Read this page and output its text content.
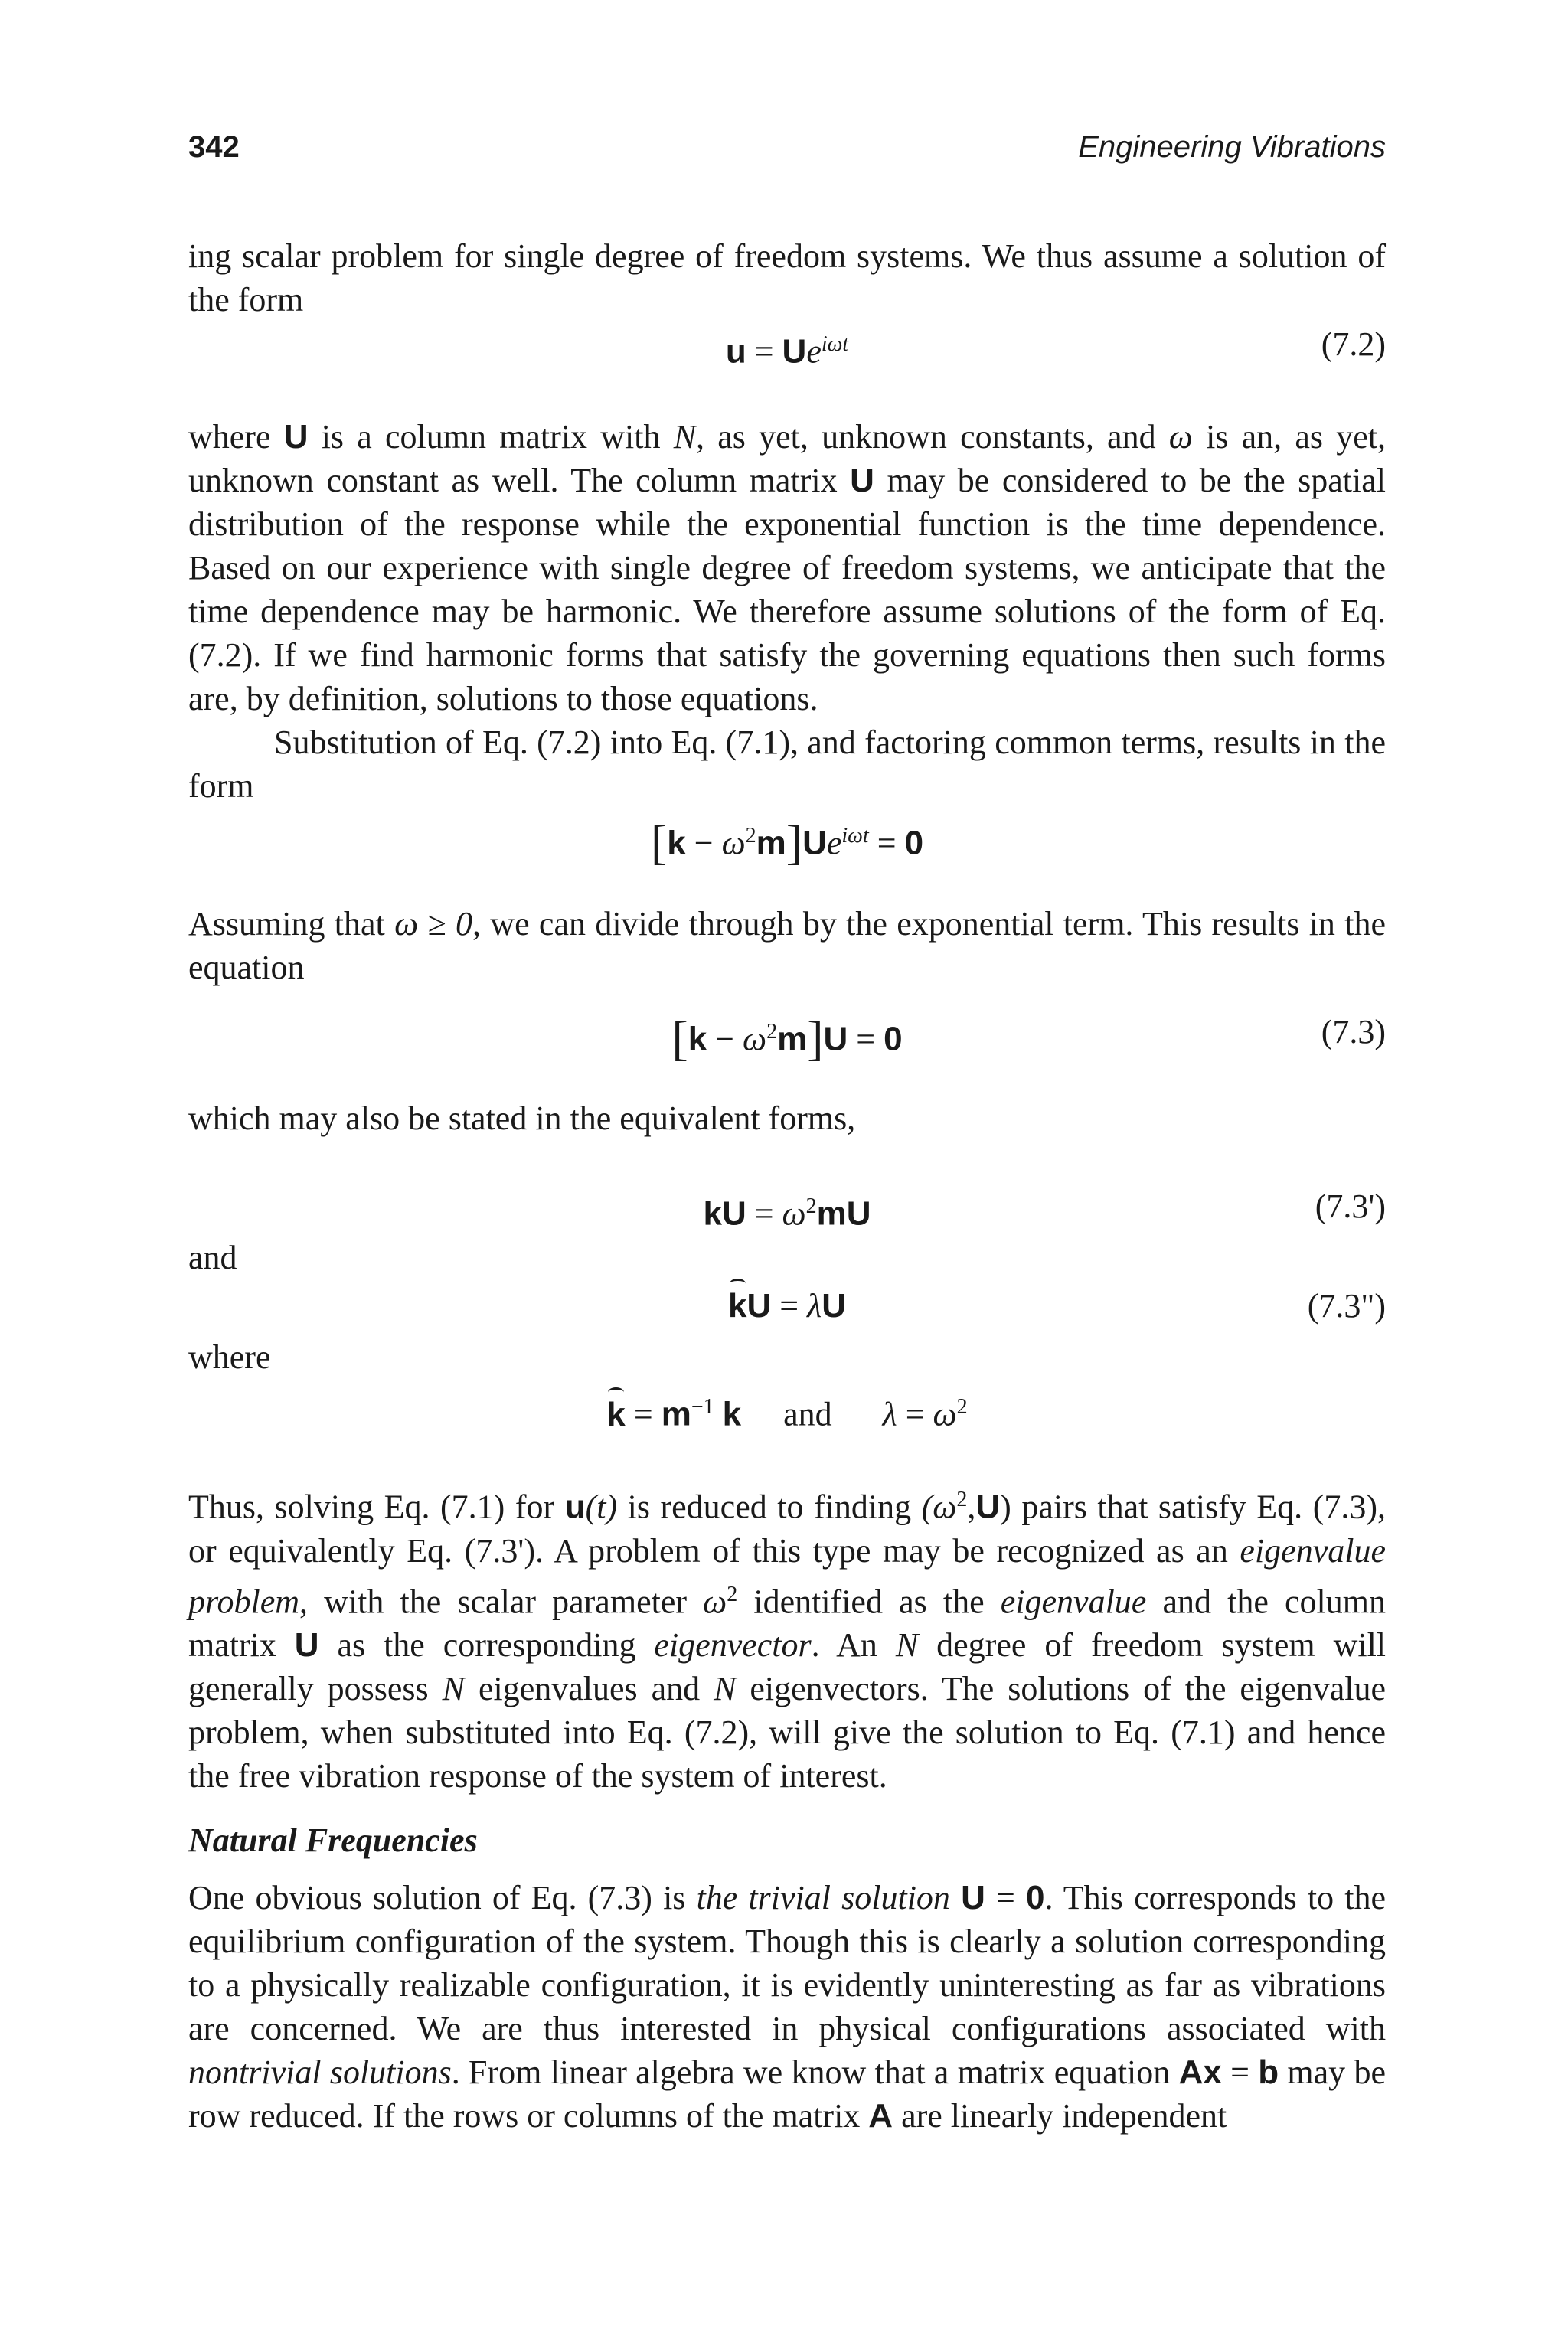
342	Engineering Vibrations

ing scalar problem for single degree of freedom systems. We thus assume a solution of the form

$u = Ue^{i\omega t}$	(7.2)

where U is a column matrix with N, as yet, unknown constants, and ω is an, as yet, unknown constant as well. The column matrix U may be considered to be the spatial distribution of the response while the exponential function is the time dependence. Based on our experience with single degree of freedom systems, we anticipate that the time dependence may be harmonic. We therefore assume solutions of the form of Eq. (7.2). If we find harmonic forms that satisfy the governing equations then such forms are, by definition, solutions to those equations.

Substitution of Eq. (7.2) into Eq. (7.1), and factoring common terms, results in the form

$[k - \omega^2m]Ue^{i\omega t} = 0$

Assuming that ω ≥ 0, we can divide through by the exponential term. This results in the equation

$[k - \omega^2m]U = 0$	(7.3)

which may also be stated in the equivalent forms,

kU = $\omega^2mU$	(7.3')
and
kU = λU	(7.3")
where
$k = m^{-1}$ k and $\lambda = \omega^2$

Thus, solving Eq. (7.1) for u(t) is reduced to finding $(\omega^2,U)$ pairs that satisfy Eq. (7.3), or equivalently Eq. (7.3'). A problem of this type may be recognized as an eigenvalue problem, with the scalar parameter $\omega^2$ identified as the eigenvalue and the column matrix U as the corresponding eigenvector. An N degree of freedom system will generally possess N eigenvalues and N eigenvectors. The solutions of the eigenvalue problem, when substituted into Eq. (7.2), will give the solution to Eq. (7.1) and hence the free vibration response of the system of interest.

Natural Frequencies

One obvious solution of Eq. (7.3) is the trivial solution U = 0. This corresponds to the equilibrium configuration of the system. Though this is clearly a solution corresponding to a physically realizable configuration, it is evidently uninteresting as far as vibrations are concerned. We are thus interested in physical configurations associated with nontrivial solutions. From linear algebra we know that a matrix equation Ax = b may be row reduced. If the rows or columns of the matrix A are linearly independent
